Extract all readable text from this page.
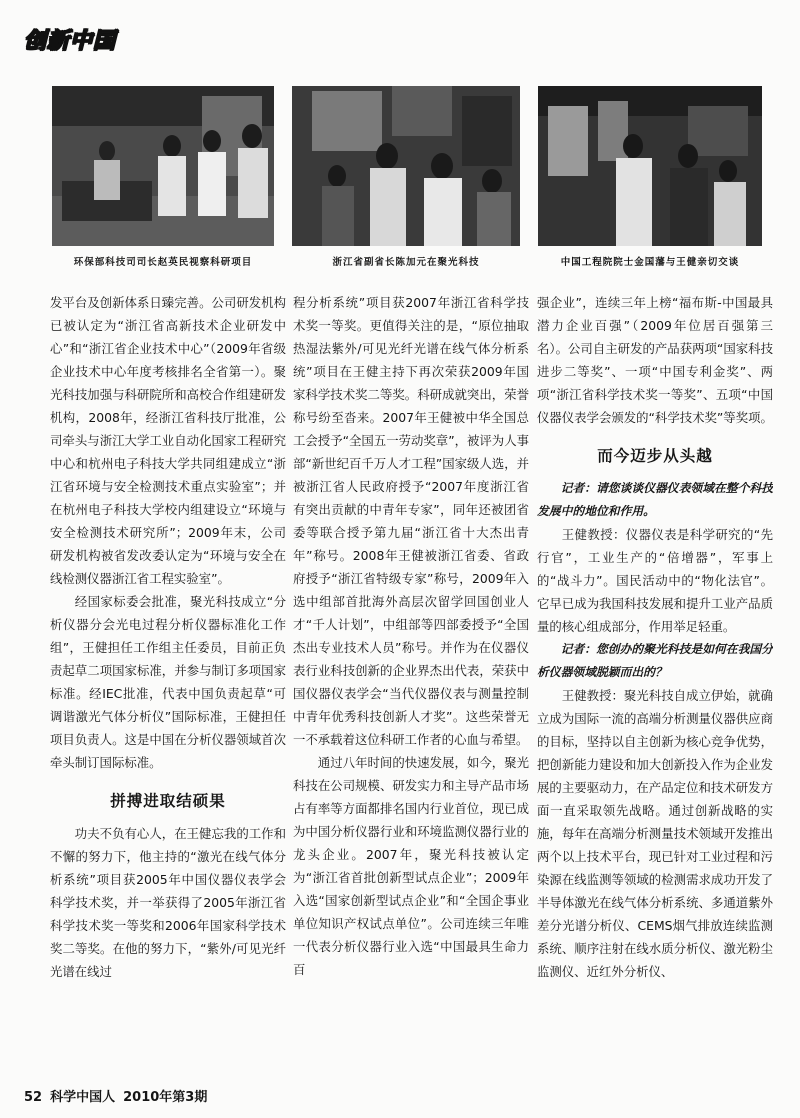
创新中国
环保部科技司司长赵英民视察科研项目	浙江省副省长陈加元在聚光科技	中国工程院院士金国藩与王健亲切交谈

发平台及创新体系日臻完善。公司研发机构已被认定为“浙江省高新技术企业研发中心”和“浙江省企业技术中心”（2009年省级企业技术中心年度考核排名全省第一）。聚光科技加强与科研院所和高校合作组建研发机构，2008年，经浙江省科技厅批准，公司牵头与浙江大学工业自动化国家工程研究中心和杭州电子科技大学共同组建成立“浙江省环境与安全检测技术重点实验室”；并在杭州电子科技大学校内组建设立“环境与安全检测技术研究所”；2009年末，公司研发机构被省发改委认定为“环境与安全在线检测仪器浙江省工程实验室”。

经国家标委会批准，聚光科技成立“分析仪器分会光电过程分析仪器标准化工作组”，王健担任工作组主任委员，目前正负责起草二项国家标准，并参与制订多项国家标准。经IEC批准，代表中国负责起草“可调谐激光气体分析仪”国际标准，王健担任项目负责人。这是中国在分析仪器领域首次牵头制订国际标准。

拼搏进取结硕果

功夫不负有心人，在王健忘我的工作和不懈的努力下，他主持的“激光在线气体分析系统”项目获2005年中国仪器仪表学会科学技术奖，并一举获得了2005年浙江省科学技术奖一等奖和2006年国家科学技术奖二等奖。在他的努力下，“紫外/可见光纤光谱在线过

程分析系统”项目获2007年浙江省科学技术奖一等奖。更值得关注的是，“原位抽取热湿法紫外/可见光纤光谱在线气体分析系统”项目在王健主持下再次荣获2009年国家科学技术奖二等奖。科研成就突出，荣誉称号纷至沓来。2007年王健被中华全国总工会授予“全国五一劳动奖章”，被评为人事部“新世纪百千万人才工程”国家级人选，并被浙江省人民政府授予“2007年度浙江省有突出贡献的中青年专家”，同年还被团省委等联合授予第九届“浙江省十大杰出青年”称号。2008年王健被浙江省委、省政府授予“浙江省特级专家”称号，2009年入选中组部首批海外高层次留学回国创业人才“千人计划”，中组部等四部委授予“全国杰出专业技术人员”称号。并作为在仪器仪表行业科技创新的企业界杰出代表，荣获中国仪器仪表学会“当代仪器仪表与测量控制中青年优秀科技创新人才奖”。这些荣誉无一不承载着这位科研工作者的心血与希望。

通过八年时间的快速发展，如今，聚光科技在公司规模、研发实力和主导产品市场占有率等方面都排名国内行业首位，现已成为中国分析仪器行业和环境监测仪器行业的龙头企业。2007年，聚光科技被认定为“浙江省首批创新型试点企业”；2009年入选“国家创新型试点企业”和“全国企事业单位知识产权试点单位”。公司连续三年唯一代表分析仪器行业入选“中国最具生命力百

强企业”，连续三年上榜“福布斯-中国最具潜力企业百强”（2009年位居百强第三名）。公司自主研发的产品获两项“国家科技进步二等奖”、一项“中国专利金奖”、两项“浙江省科学技术奖一等奖”、五项“中国仪器仪表学会颁发的“科学技术奖”等奖项。

而今迈步从头越

记者：请您谈谈仪器仪表领域在整个科技发展中的地位和作用。

王健教授：仪器仪表是科学研究的“先行官”，工业生产的“倍增器”，军事上的“战斗力”。国民活动中的“物化法官”。它早已成为我国科技发展和提升工业产品质量的核心组成部分，作用举足轻重。

记者：您创办的聚光科技是如何在我国分析仪器领域脱颖而出的？

王健教授：聚光科技自成立伊始，就确立成为国际一流的高端分析测量仪器供应商的目标，坚持以自主创新为核心竞争优势，把创新能力建设和加大创新投入作为企业发展的主要驱动力，在产品定位和技术研发方面一直采取领先战略。通过创新战略的实施，每年在高端分析测量技术领域开发推出两个以上技术平台，现已针对工业过程和污染源在线监测等领域的检测需求成功开发了半导体激光在线气体分析系统、多通道紫外差分光谱分析仪、CEMS烟气排放连续监测系统、顺序注射在线水质分析仪、激光粉尘监测仪、近红外分析仪、

52 科学中国人 2010年第3期
